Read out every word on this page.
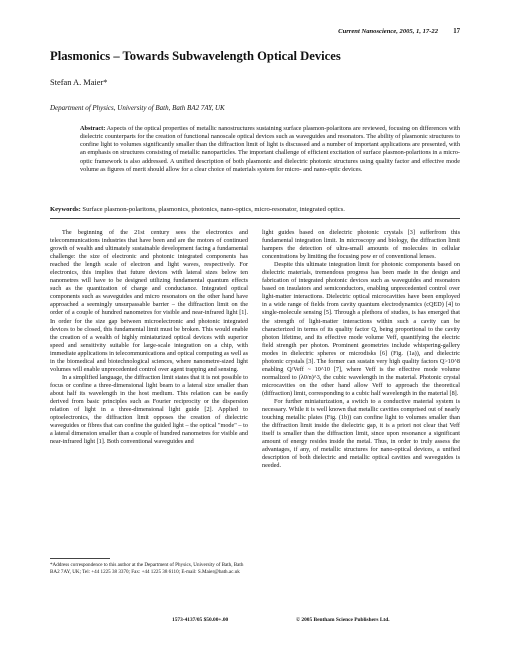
Current Nanoscience, 2005, 1, 17-22 17
Plasmonics – Towards Subwavelength Optical Devices
Stefan A. Maier*
Department of Physics, University of Bath, Bath BA2 7AY, UK

Abstract: Aspects of the optical properties of metallic nanostructures sustaining surface plasmon-polaritons are reviewed, focusing on differences with dielectric counterparts for the creation of functional nanoscale optical devices such as waveguides and resonators. The ability of plasmonic structures to confine light to volumes significantly smaller than the diffraction limit of light is discussed and a number of important applications are presented, with an emphasis on structures consisting of metallic nanoparticles. The important challenge of efficient excitation of surface plasmon-polaritons in a micro-optic framework is also addressed. A unified description of both plasmonic and dielectric photonic structures using quality factor and effective mode volume as figures of merit should allow for a clear choice of materials system for micro- and nano-optic devices.

Keywords: Surface plasmon-polaritons, plasmonics, photonics, nano-optics, micro-resonator, integrated optics.

The beginning of the 21st century sees the electronics and telecommunications industries that have been and are the motors of continued growth of wealth and ultimately sustainable development facing a fundamental challenge: the size of electronic and photonic integrated components has reached the length scale of electron and light waves, respectively. For electronics, this implies that future devices with lateral sizes below ten nanometres will have to be designed utilizing fundamental quantum effects such as the quantization of charge and conductance. Integrated optical components such as waveguides and micro resonators on the other hand have approached a seemingly unsurpassable barrier – the diffraction limit on the order of a couple of hundred nanometres for visible and near-infrared light [1]. In order for the size gap between microelectronic and photonic integrated devices to be closed, this fundamental limit must be broken. This would enable the creation of a wealth of highly miniaturized optical devices with superior speed and sensitivity suitable for large-scale integration on a chip, with immediate applications in telecommunications and optical computing as well as in the biomedical and biotechnological sciences, where nanometre-sized light volumes will enable unprecedented control over agent trapping and sensing.

In a simplified language, the diffraction limit states that it is not possible to focus or confine a three-dimensional light beam to a lateral size smaller than about half its wavelength in the host medium. This relation can be easily derived from basic principles such as Fourier reciprocity or the dispersion relation of light in a three-dimensional light guide [2]. Applied to optoelectronics, the diffraction limit opposes the creation of dielectric waveguides or fibres that can confine the guided light – the optical "mode" – to a lateral dimension smaller than a couple of hundred nanometres for visible and near-infrared light [1]. Both conventional waveguides and

light guides based on dielectric photonic crystals [3] sufferfrom this fundamental integration limit. In microscopy and biology, the diffraction limit hampers the detection of ultra-small amounts of molecules in cellular concentrations by limiting the focusing pow er of conventional lenses.

Despite this ultimate integration limit for photonic components based on dielectric materials, tremendous progress has been made in the design and fabrication of integrated photonic devices such as waveguides and resonators based on insulators and semiconductors, enabling unprecedented control over light-matter interactions. Dielectric optical microcavities have been employed in a wide range of fields from cavity quantum electrodynamics (cQED) [4] to single-molecule sensing [5]. Through a plethora of studies, is has emerged that the strength of light-matter interactions within such a cavity can be characterized in terms of its quality factor Q, being proportional to the cavity photon lifetime, and its effective mode volume Veff, quantifying the electric field strength per photon. Prominent geometries include whispering-gallery modes in dielectric spheres or microdisks [6] (Fig. (1a)), and dielectric photonic crystals [3]. The former can sustain very high quality factors Q>10^8 enabling Q/Veff ~ 10^10 [7], where Veff is the effective mode volume normalized to (λ0/n)^3, the cubic wavelength in the material. Photonic crystal microcavities on the other hand allow Veff to approach the theoretical (diffraction) limit, corresponding to a cubic half wavelength in the material [8].

For further miniaturization, a switch to a conductive material system is necessary. While it is well known that metallic cavities comprised out of nearly touching metallic plates (Fig. (1b)) can confine light to volumes smaller than the diffraction limit inside the dielectric gap, it is a priori not clear that Veff itself is smaller than the diffraction limit, since upon resonance a significant amount of energy resides inside the metal. Thus, in order to truly assess the advantages, if any, of metallic structures for nano-optical devices, a unified description of both dielectric and metallic optical cavities and waveguides is needed.

*Address correspondence to this author at the Department of Physics, University of Bath, Bath BA2 7AY, UK; Tel: +44 1225 38 3370; Fax: +44 1225 38 6110; E-mail: S.Maier@bath.ac.uk

1573-4137/05 $50.00+.00	© 2005 Bentham Science Publishers Ltd.
